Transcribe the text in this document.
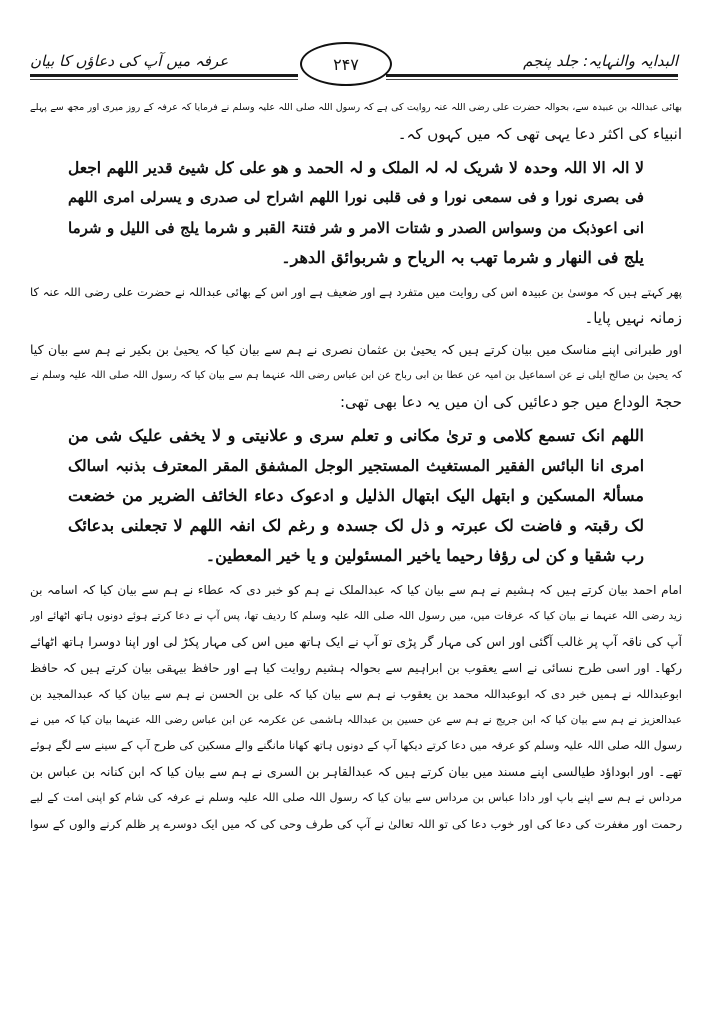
البدایہ والنہایہ: جلد پنجم
۲۴۷
عرفہ میں آپ کی دعاؤں کا بیان

بھائی عبداللہ بن عبیدہ سے، بحوالہ حضرت علی رضی اللہ عنہ روایت کی ہے کہ رسول اللہ صلی اللہ علیہ وسلم نے فرمایا کہ عرفہ کے روز میری اور مجھ سے پہلے

انبیاء کی اکثر دعا یہی تھی کہ میں کہوں کہ۔

لا الہ الا اللہ وحدہ لا شریک لہ لہ الملک و لہ الحمد و ھو علی کل شیئ قدیر اللھم اجعل

فی بصری نورا و فی سمعی نورا و فی قلبی نورا اللھم اشراح لی صدری و یسرلی امری اللھم

انی اعوذبک من وسواس الصدر و شتات الامر و شر فتنۃ القبر و شرما یلج فی اللیل و شرما

یلج فی النھار و شرما تھب بہ الریاح و شربوائق الدھر۔

پھر کہتے ہیں کہ موسیٰ بن عبیدہ اس کی روایت میں متفرد ہے اور ضعیف ہے اور اس کے بھائی عبداللہ نے حضرت علی رضی اللہ عنہ کا

زمانہ نہیں پایا۔

اور طبرانی اپنے مناسک میں بیان کرتے ہیں کہ یحییٰ بن عثمان نصری نے ہم سے بیان کیا کہ یحییٰ بن بکیر نے ہم سے بیان کیا

کہ یحییٰ بن صالح ایلی نے عن اسماعیل بن امیہ عن عطا بن ابی رباح عن ابن عباس رضی اللہ عنہما ہم سے بیان کیا کہ رسول اللہ صلی اللہ علیہ وسلم نے

حجۃ الوداع میں جو دعائیں کی ان میں یہ دعا بھی تھی:

اللھم انک تسمع کلامی و تریٰ مکانی و تعلم سری و علانیتی و لا یخفی علیک شی من

امری انا البائس الفقیر المستغیث المستجیر الوجل المشفق المقر المعترف بذنبہ اسالک

مسألۃ المسکین و ابتھل الیک ابتھال الذلیل و ادعوک دعاء الخائف الضریر من خضعت

لک رقبتہ و فاضت لک عبرتہ و ذل لک جسدہ و رغم لک انفہ اللھم لا تجعلنی بدعائک

رب شقیا و کن لی رؤفا رحیما یاخیر المسئولین و یا خیر المعطین۔

امام احمد بیان کرتے ہیں کہ ہشیم نے ہم سے بیان کیا کہ عبدالملک نے ہم کو خبر دی کہ عطاء نے ہم سے بیان کیا کہ اسامہ بن

زید رضی اللہ عنہما نے بیان کیا کہ عرفات میں، میں رسول اللہ صلی اللہ علیہ وسلم کا ردیف تھا، پس آپ نے دعا کرتے ہوئے دونوں ہاتھ اٹھائے اور

آپ کی ناقہ آپ پر غالب آگئی اور اس کی مہار گر پڑی تو آپ نے ایک ہاتھ میں اس کی مہار پکڑ لی اور اپنا دوسرا ہاتھ اٹھائے

رکھا۔ اور اسی طرح نسائی نے اسے یعقوب بن ابراہیم سے بحوالہ ہشیم روایت کیا ہے اور حافظ بیہقی بیان کرتے ہیں کہ حافظ

ابوعبداللہ نے ہمیں خبر دی کہ ابوعبداللہ محمد بن یعقوب نے ہم سے بیان کیا کہ علی بن الحسن نے ہم سے بیان کیا کہ عبدالمجید بن

عبدالعزیز نے ہم سے بیان کیا کہ ابن جریج نے ہم سے عن حسین بن عبداللہ ہاشمی عن عکرمہ عن ابن عباس رضی اللہ عنہما بیان کیا کہ میں نے

رسول اللہ صلی اللہ علیہ وسلم کو عرفہ میں دعا کرتے دیکھا آپ کے دونوں ہاتھ کھانا مانگنے والے مسکین کی طرح آپ کے سینے سے لگے ہوئے

تھے۔ اور ابوداؤد طیالسی اپنے مسند میں بیان کرتے ہیں کہ عبدالقاہر بن السری نے ہم سے بیان کیا کہ ابن کنانہ بن عباس بن

مرداس نے ہم سے اپنے باپ اور دادا عباس بن مرداس سے بیان کیا کہ رسول اللہ صلی اللہ علیہ وسلم نے عرفہ کی شام کو اپنی امت کے لیے

رحمت اور مغفرت کی دعا کی اور خوب دعا کی تو اللہ تعالیٰ نے آپ کی طرف وحی کی کہ میں ایک دوسرے پر ظلم کرنے والوں کے سوا
